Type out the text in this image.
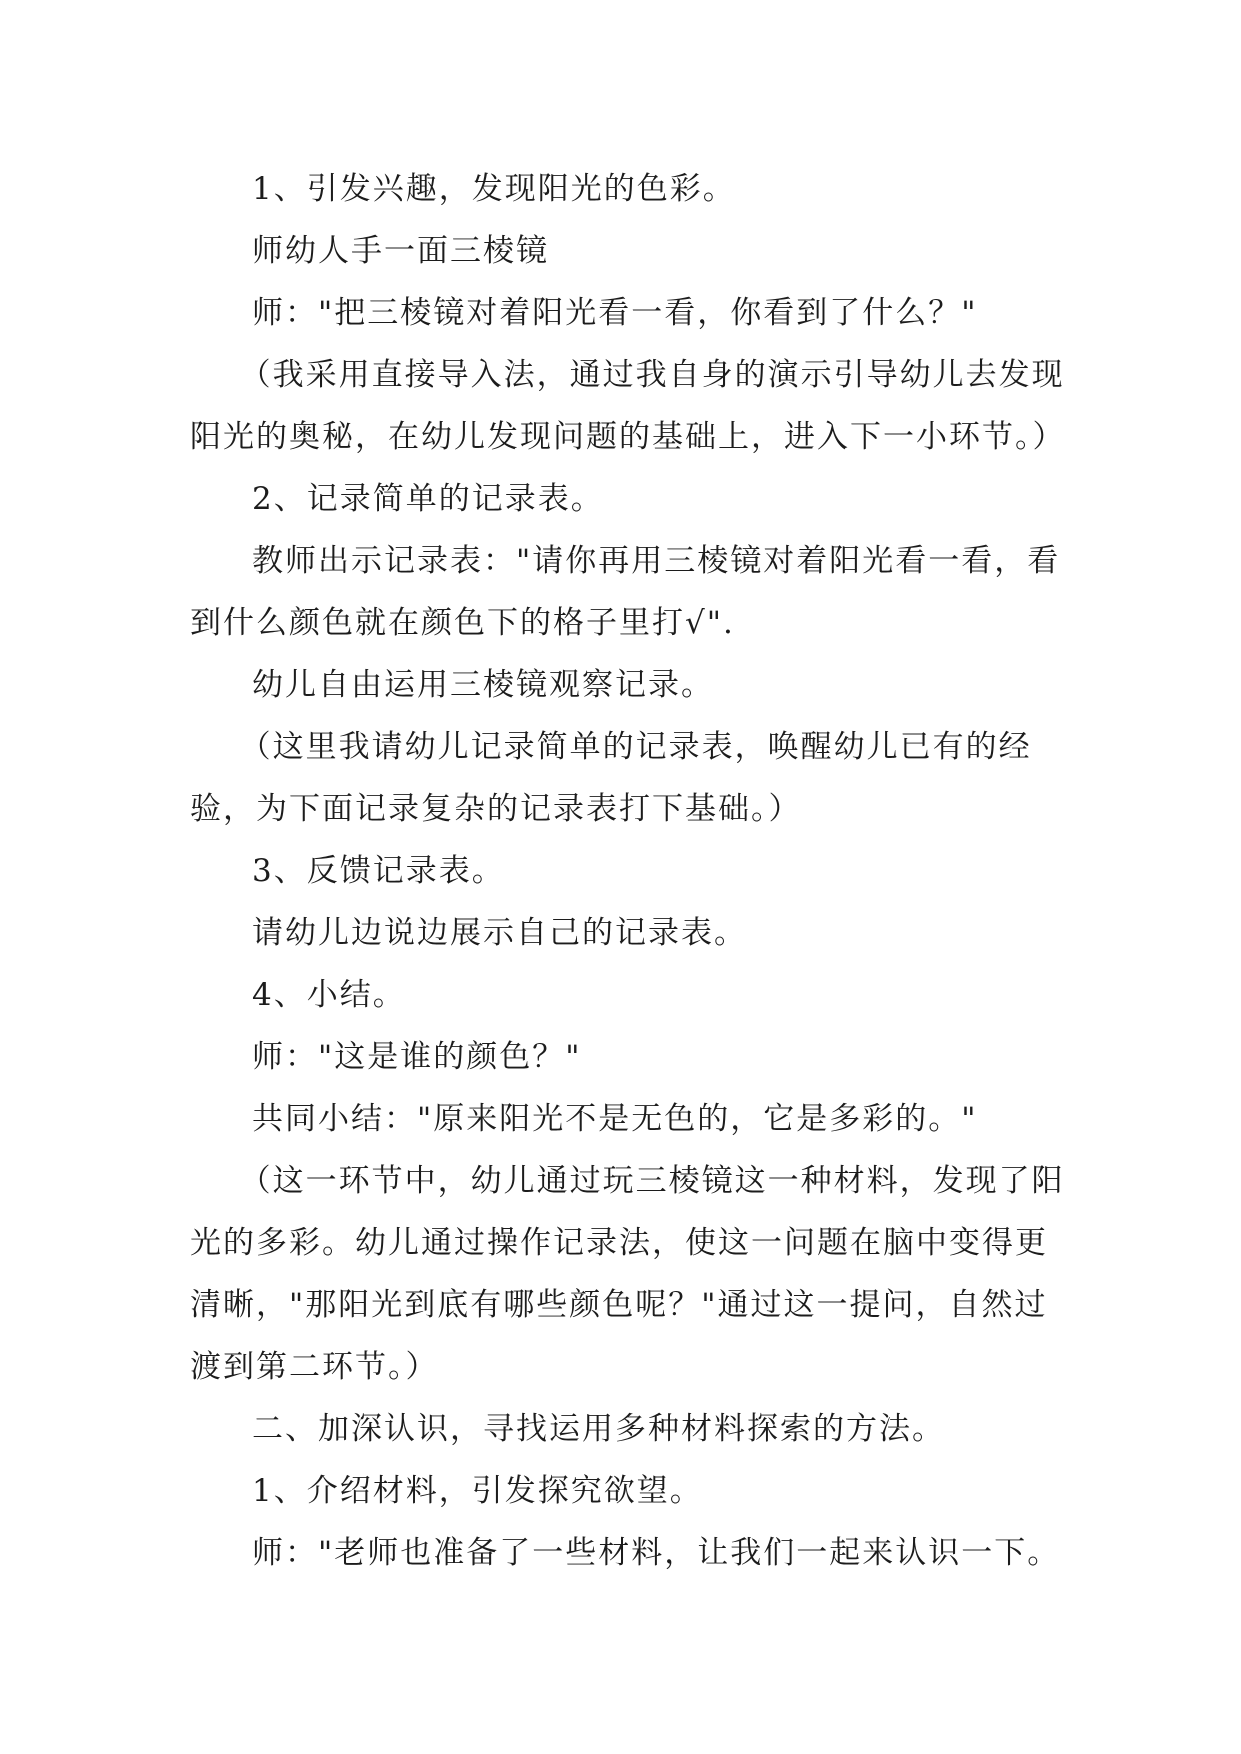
1、引发兴趣，发现阳光的色彩。

师幼人手一面三棱镜

师："把三棱镜对着阳光看一看，你看到了什么？"

（我采用直接导入法，通过我自身的演示引导幼儿去发现阳光的奥秘，在幼儿发现问题的基础上，进入下一小环节。）

2、记录简单的记录表。

教师出示记录表："请你再用三棱镜对着阳光看一看，看到什么颜色就在颜色下的格子里打√".

幼儿自由运用三棱镜观察记录。

（这里我请幼儿记录简单的记录表，唤醒幼儿已有的经验，为下面记录复杂的记录表打下基础。）

3、反馈记录表。

请幼儿边说边展示自己的记录表。

4、小结。

师："这是谁的颜色？"

共同小结："原来阳光不是无色的，它是多彩的。"

（这一环节中，幼儿通过玩三棱镜这一种材料，发现了阳光的多彩。幼儿通过操作记录法，使这一问题在脑中变得更清晰，"那阳光到底有哪些颜色呢？"通过这一提问，自然过渡到第二环节。）

二、加深认识，寻找运用多种材料探索的方法。

1、介绍材料，引发探究欲望。

师："老师也准备了一些材料，让我们一起来认识一下。
